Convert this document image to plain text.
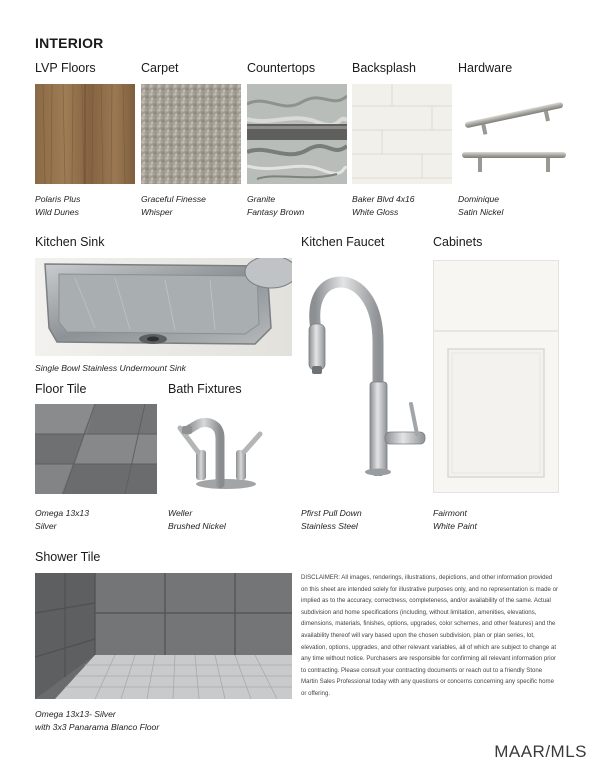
INTERIOR
LVP Floors	Carpet	Countertops	Backsplash	Hardware
Polaris Plus
Wild Dunes
Graceful Finesse
Whisper
Granite
Fantasy Brown
Baker Blvd 4x16
White Gloss
Dominique
Satin Nickel
Kitchen Sink	Kitchen Faucet	Cabinets
Single Bowl Stainless Undermount Sink
Floor Tile	Bath Fixtures
Omega 13x13
Silver
Weller
Brushed Nickel
Pfirst Pull Down
Stainless Steel
Fairmont
White Paint
Shower Tile
Omega 13x13- Silver
with 3x3 Panarama Blanco Floor
DISCLAIMER: All images, renderings, illustrations, depictions, and other information provided on this sheet are intended solely for illustrative purposes only, and no representation is made or implied as to the accuracy, correctness, completeness, and/or availability of the same. Actual subdivision and home specifications (including, without limitation, amenities, elevations, dimensions, materials, finishes, options, upgrades, color schemes, and other features) and the availability thereof will vary based upon the chosen subdivision, plan or plan series, lot, elevation, options, upgrades, and other relevant variables, all of which are subject to change at any time without notice. Purchasers are responsible for confirming all relevant information prior to contracting. Please consult your contracting documents or reach out to a friendly Stone Martin Sales Professional today with any questions or concerns concerning any specific home or offering.
MAAR/MLS
